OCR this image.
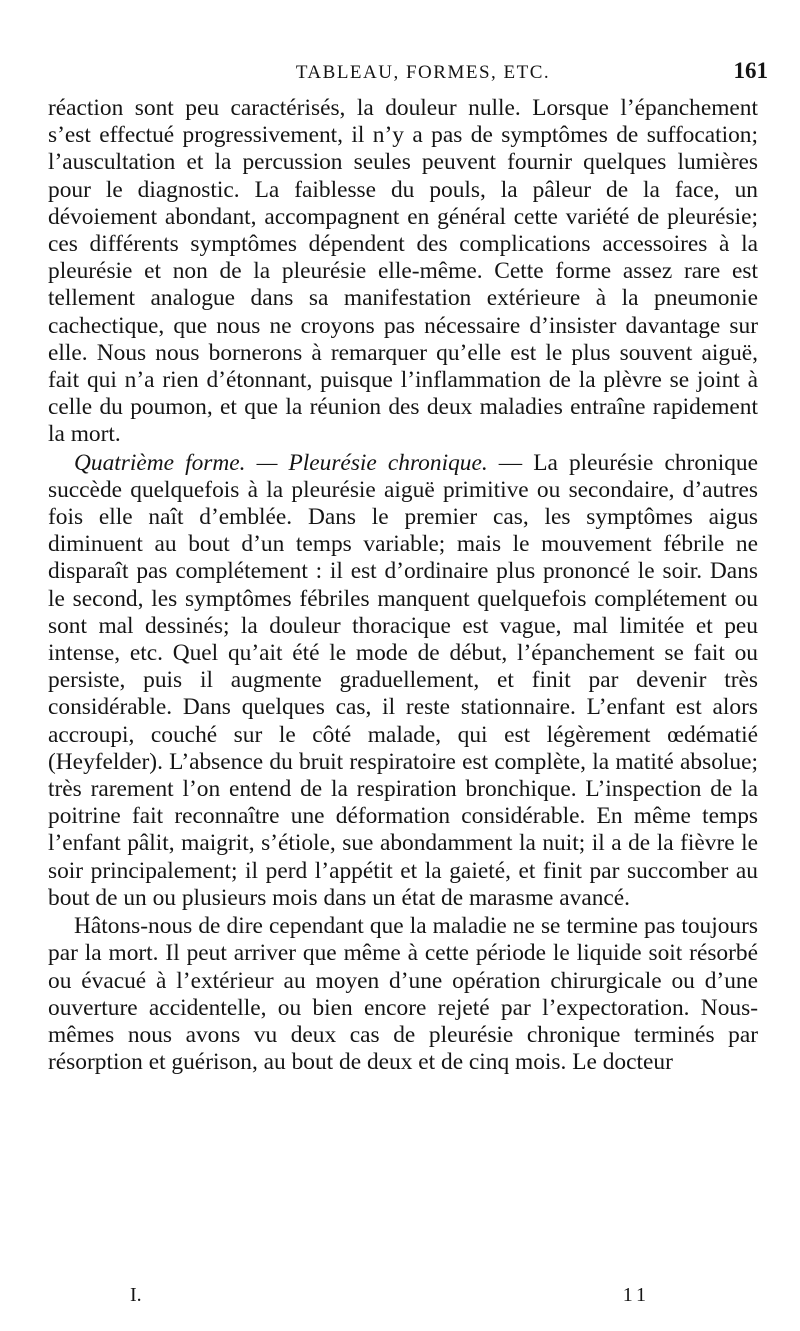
TABLEAU, FORMES, ETC.	161

réaction sont peu caractérisés, la douleur nulle. Lorsque l’épanchement s’est effectué progressivement, il n’y a pas de symptômes de suffocation; l’auscultation et la percussion seules peuvent fournir quelques lumières pour le diagnostic. La faiblesse du pouls, la pâleur de la face, un dévoiement abondant, accompagnent en général cette variété de pleurésie; ces différents symptômes dépendent des complications accessoires à la pleurésie et non de la pleurésie elle-même. Cette forme assez rare est tellement analogue dans sa manifestation extérieure à la pneumonie cachectique, que nous ne croyons pas nécessaire d’insister davantage sur elle. Nous nous bornerons à remarquer qu’elle est le plus souvent aiguë, fait qui n’a rien d’étonnant, puisque l’inflammation de la plèvre se joint à celle du poumon, et que la réunion des deux maladies entraîne rapidement la mort.

Quatrième forme. — Pleurésie chronique. — La pleurésie chronique succède quelquefois à la pleurésie aiguë primitive ou secondaire, d’autres fois elle naît d’emblée. Dans le premier cas, les symptômes aigus diminuent au bout d’un temps variable; mais le mouvement fébrile ne disparaît pas complétement : il est d’ordinaire plus prononcé le soir. Dans le second, les symptômes fébriles manquent quelquefois complétement ou sont mal dessinés; la douleur thoracique est vague, mal limitée et peu intense, etc. Quel qu’ait été le mode de début, l’épanchement se fait ou persiste, puis il augmente graduellement, et finit par devenir très considérable. Dans quelques cas, il reste stationnaire. L’enfant est alors accroupi, couché sur le côté malade, qui est légèrement œdématié (Heyfelder). L’absence du bruit respiratoire est complète, la matité absolue; très rarement l’on entend de la respiration bronchique. L’inspection de la poitrine fait reconnaître une déformation considérable. En même temps l’enfant pâlit, maigrit, s’étiole, sue abondamment la nuit; il a de la fièvre le soir principalement; il perd l’appétit et la gaieté, et finit par succomber au bout de un ou plusieurs mois dans un état de marasme avancé.

Hâtons-nous de dire cependant que la maladie ne se termine pas toujours par la mort. Il peut arriver que même à cette période le liquide soit résorbé ou évacué à l’extérieur au moyen d’une opération chirurgicale ou d’une ouverture accidentelle, ou bien encore rejeté par l’expectoration. Nous-mêmes nous avons vu deux cas de pleurésie chronique terminés par résorption et guérison, au bout de deux et de cinq mois. Le docteur

I.	11
